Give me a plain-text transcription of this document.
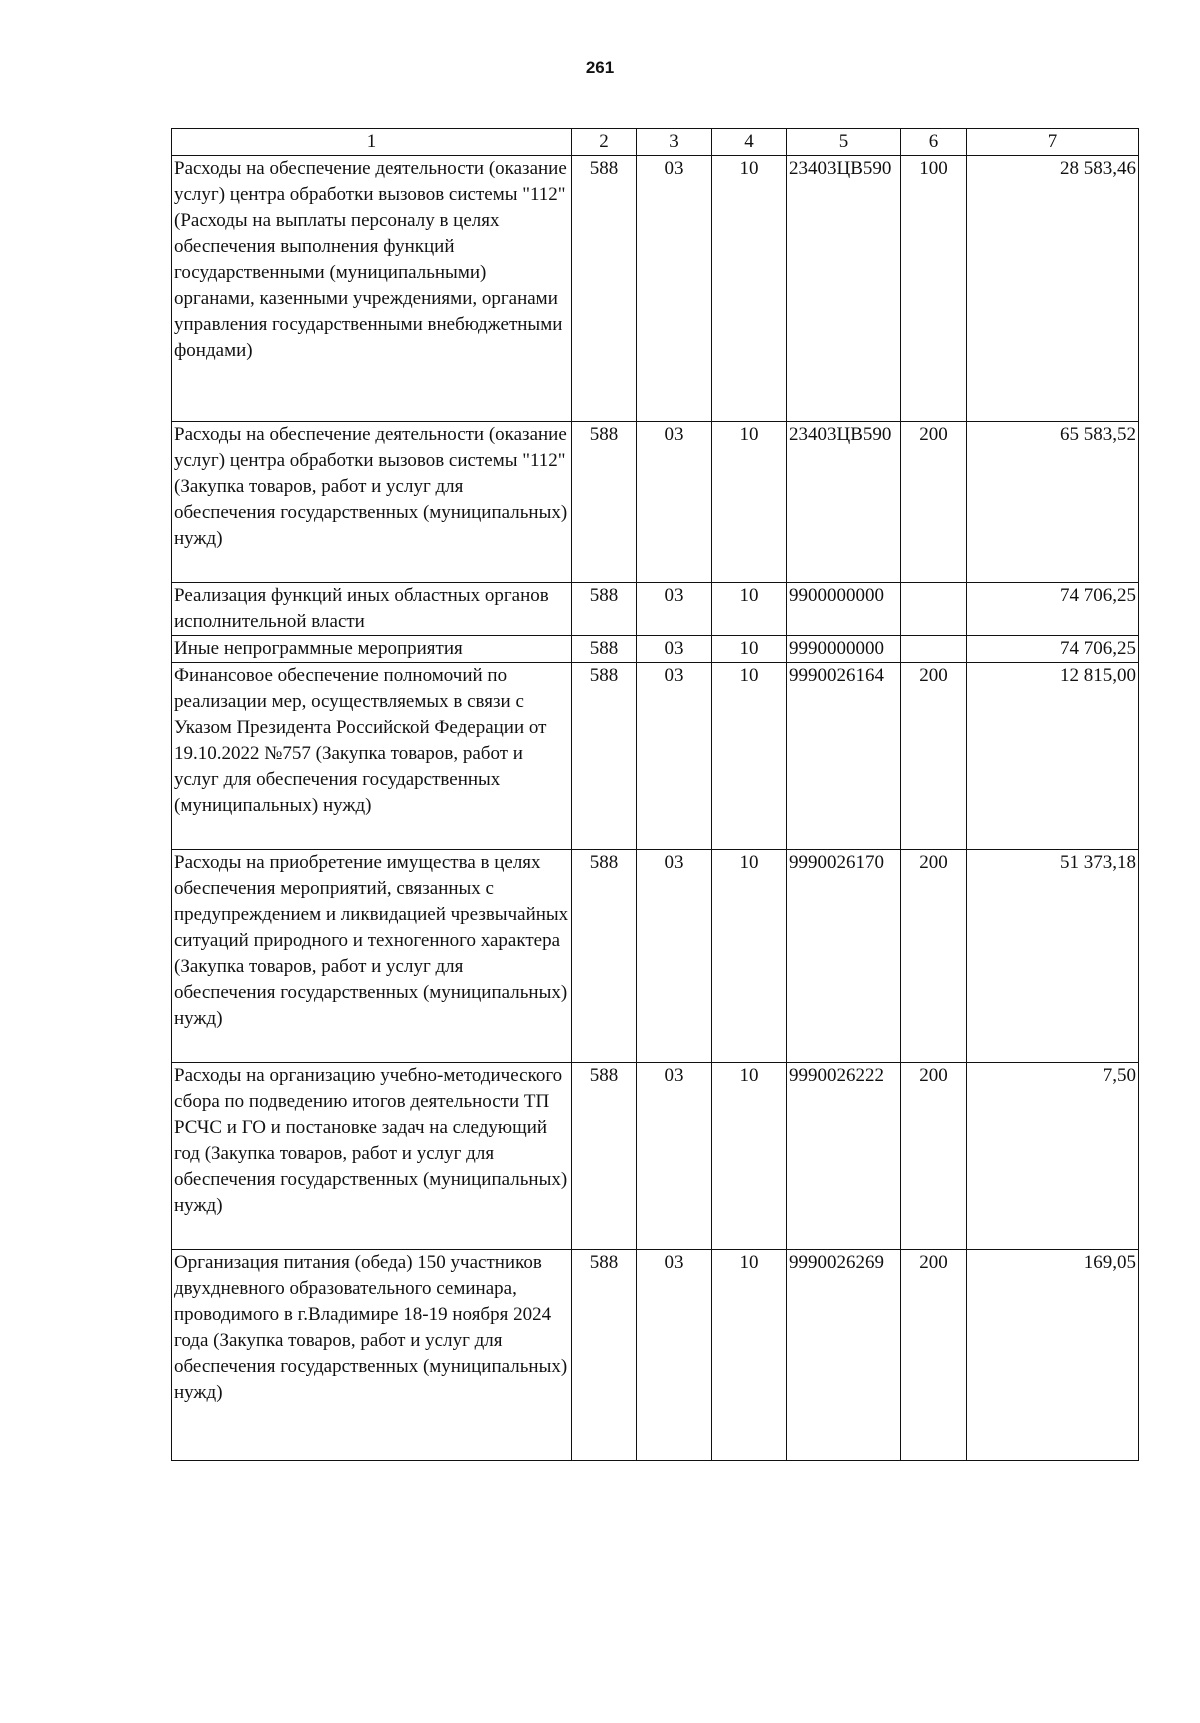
261
1	2	3	4	5	6	7
Расходы на обеспечение деятельности (оказание услуг) центра обработки вызовов системы "112" (Расходы на выплаты персоналу в целях обеспечения выполнения функций государственными (муниципальными) органами, казенными учреждениями, органами управления государственными внебюджетными фондами)	588	03	10	23403ЦВ590	100	28 583,46
Расходы на обеспечение деятельности (оказание услуг) центра обработки вызовов системы "112" (Закупка товаров, работ и услуг для обеспечения государственных (муниципальных) нужд)	588	03	10	23403ЦВ590	200	65 583,52
Реализация функций иных областных органов исполнительной власти	588	03	10	9900000000		74 706,25
Иные непрограммные мероприятия	588	03	10	9990000000		74 706,25
Финансовое обеспечение полномочий по реализации мер, осуществляемых в связи с Указом Президента Российской Федерации от 19.10.2022 №757 (Закупка товаров, работ и услуг для обеспечения государственных (муниципальных) нужд)	588	03	10	9990026164	200	12 815,00
Расходы на приобретение имущества в целях обеспечения мероприятий, связанных с предупреждением и ликвидацией чрезвычайных ситуаций природного и техногенного характера (Закупка товаров, работ и услуг для обеспечения государственных (муниципальных) нужд)	588	03	10	9990026170	200	51 373,18
Расходы на организацию учебно-методического сбора по подведению итогов деятельности ТП РСЧС и ГО и постановке задач на следующий год (Закупка товаров, работ и услуг для обеспечения государственных (муниципальных) нужд)	588	03	10	9990026222	200	7,50
Организация питания (обеда) 150 участников двухдневного образовательного семинара, проводимого в г.Владимире 18-19 ноября 2024 года (Закупка товаров, работ и услуг для обеспечения государственных (муниципальных) нужд)	588	03	10	9990026269	200	169,05
